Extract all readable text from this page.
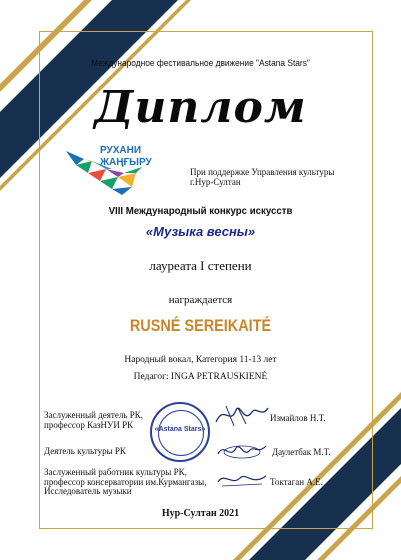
Международное фестивальное движение "Astana Stars"
Диплом
РУХАНИ
ЖАҢҒЫРУ
При поддержке Управления культуры
г.Нур-Султан
VIII Международный конкурс искусств
«Музыка весны»
лауреата I степени
награждается
RUSNÉ SEREIKAITÉ
Народный вокал, Категория 11-13 лет
Педагог: INGA PETRAUSKIENÉ
Заслуженный деятель РК,
профессор КазНУИ РК
Измайлов Н.Т.
Деятель культуры РК	Даулетбак М.Т.
Заслуженный работник культуры РК,
профессор консерватории им.Курмангазы,
Исследователь музыки
Токтаган А.Е.
«Astana Stars»
Нур-Султан 2021
